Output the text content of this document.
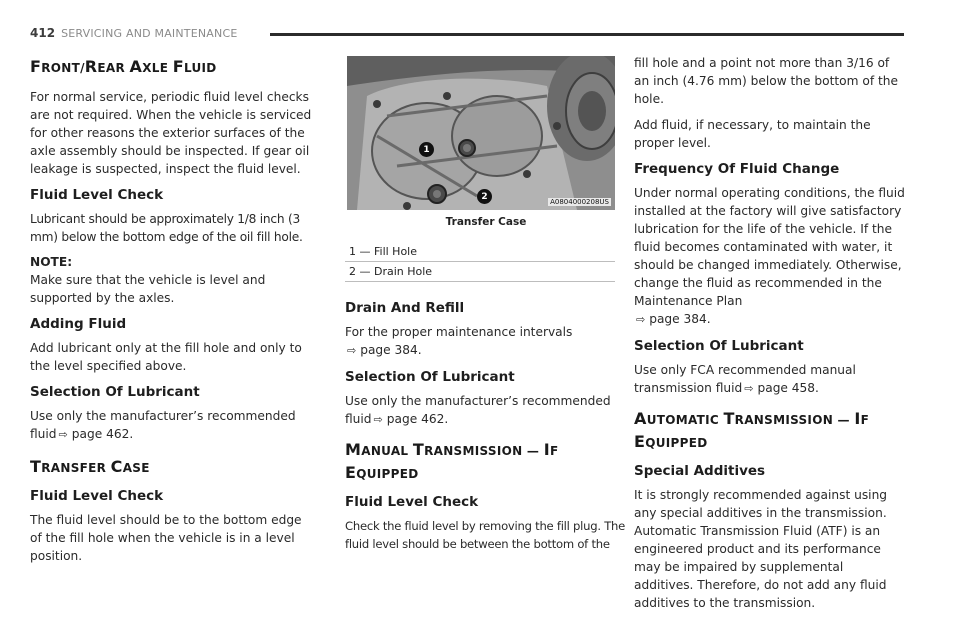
412 SERVICING AND MAINTENANCE
FRONT/REAR AXLE FLUID

For normal service, periodic fluid level checks are not required. When the vehicle is serviced for other reasons the exterior surfaces of the axle assembly should be inspected. If gear oil leakage is suspected, inspect the fluid level.

Fluid Level Check

Lubricant should be approximately 1/8 inch (3 mm) below the bottom edge of the oil fill hole.

NOTE:

Make sure that the vehicle is level and supported by the axles.

Adding Fluid

Add lubricant only at the fill hole and only to the level specified above.

Selection Of Lubricant

Use only the manufacturer’s recommended fluid ⇨ page 462.

TRANSFER CASE
Fluid Level Check

The fluid level should be to the bottom edge of the fill hole when the vehicle is in a level position.

1
2
A0804000208US
Transfer Case
1 — Fill Hole
2 — Drain Hole
Drain And Refill

For the proper maintenance intervals
⇨ page 384.

Selection Of Lubricant

Use only the manufacturer’s recommended fluid ⇨ page 462.

MANUAL TRANSMISSION — IF EQUIPPED
Fluid Level Check

Check the fluid level by removing the fill plug. The fluid level should be between the bottom of the

fill hole and a point not more than 3/16 of an inch (4.76 mm) below the bottom of the hole.

Add fluid, if necessary, to maintain the proper level.

Frequency Of Fluid Change

Under normal operating conditions, the fluid installed at the factory will give satisfactory lubrication for the life of the vehicle. If the fluid becomes contaminated with water, it should be changed immediately. Otherwise, change the fluid as recommended in the Maintenance Plan
⇨ page 384.

Selection Of Lubricant

Use only FCA recommended manual transmission fluid ⇨ page 458.

AUTOMATIC TRANSMISSION — IF
EQUIPPED
Special Additives

It is strongly recommended against using any special additives in the transmission. Automatic Transmission Fluid (ATF) is an engineered product and its performance may be impaired by supplemental additives. Therefore, do not add any fluid additives to the transmission.
